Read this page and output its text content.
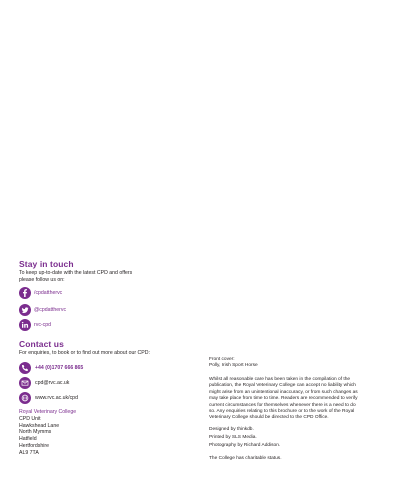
Stay in touch
To keep up-to-date with the latest CPD and offers
please follow us on:
/cpdatthervс
@cpdatthervс
rvc-cpd
Contact us
For enquiries, to book or to find out more about our CPD:
+44 (0)1707 666 865
cpd@rvc.ac.uk
www.rvc.ac.uk/cpd
Royal Veterinary College
CPD Unit
Hawkshead Lane
North Mymms
Hatfield
Hertfordshire
AL9 7TA
Front cover:
Polly, Irish Sport Horse
Whilst all reasonable care has been taken in the compilation of the
publication, the Royal Veterinary College can accept no liability which
might arise from an unintentional inaccuracy, or from such changes as
may take place from time to time. Readers are recommended to verify
current circumstances for themselves whenever there is a need to do
so. Any enquiries relating to this brochure or to the work of the Royal
Veterinary College should be directed to the CPD Office.
Designed by thinkdb.
Printed by SLS Media.
Photography by Richard Addison.
The College has charitable status.
